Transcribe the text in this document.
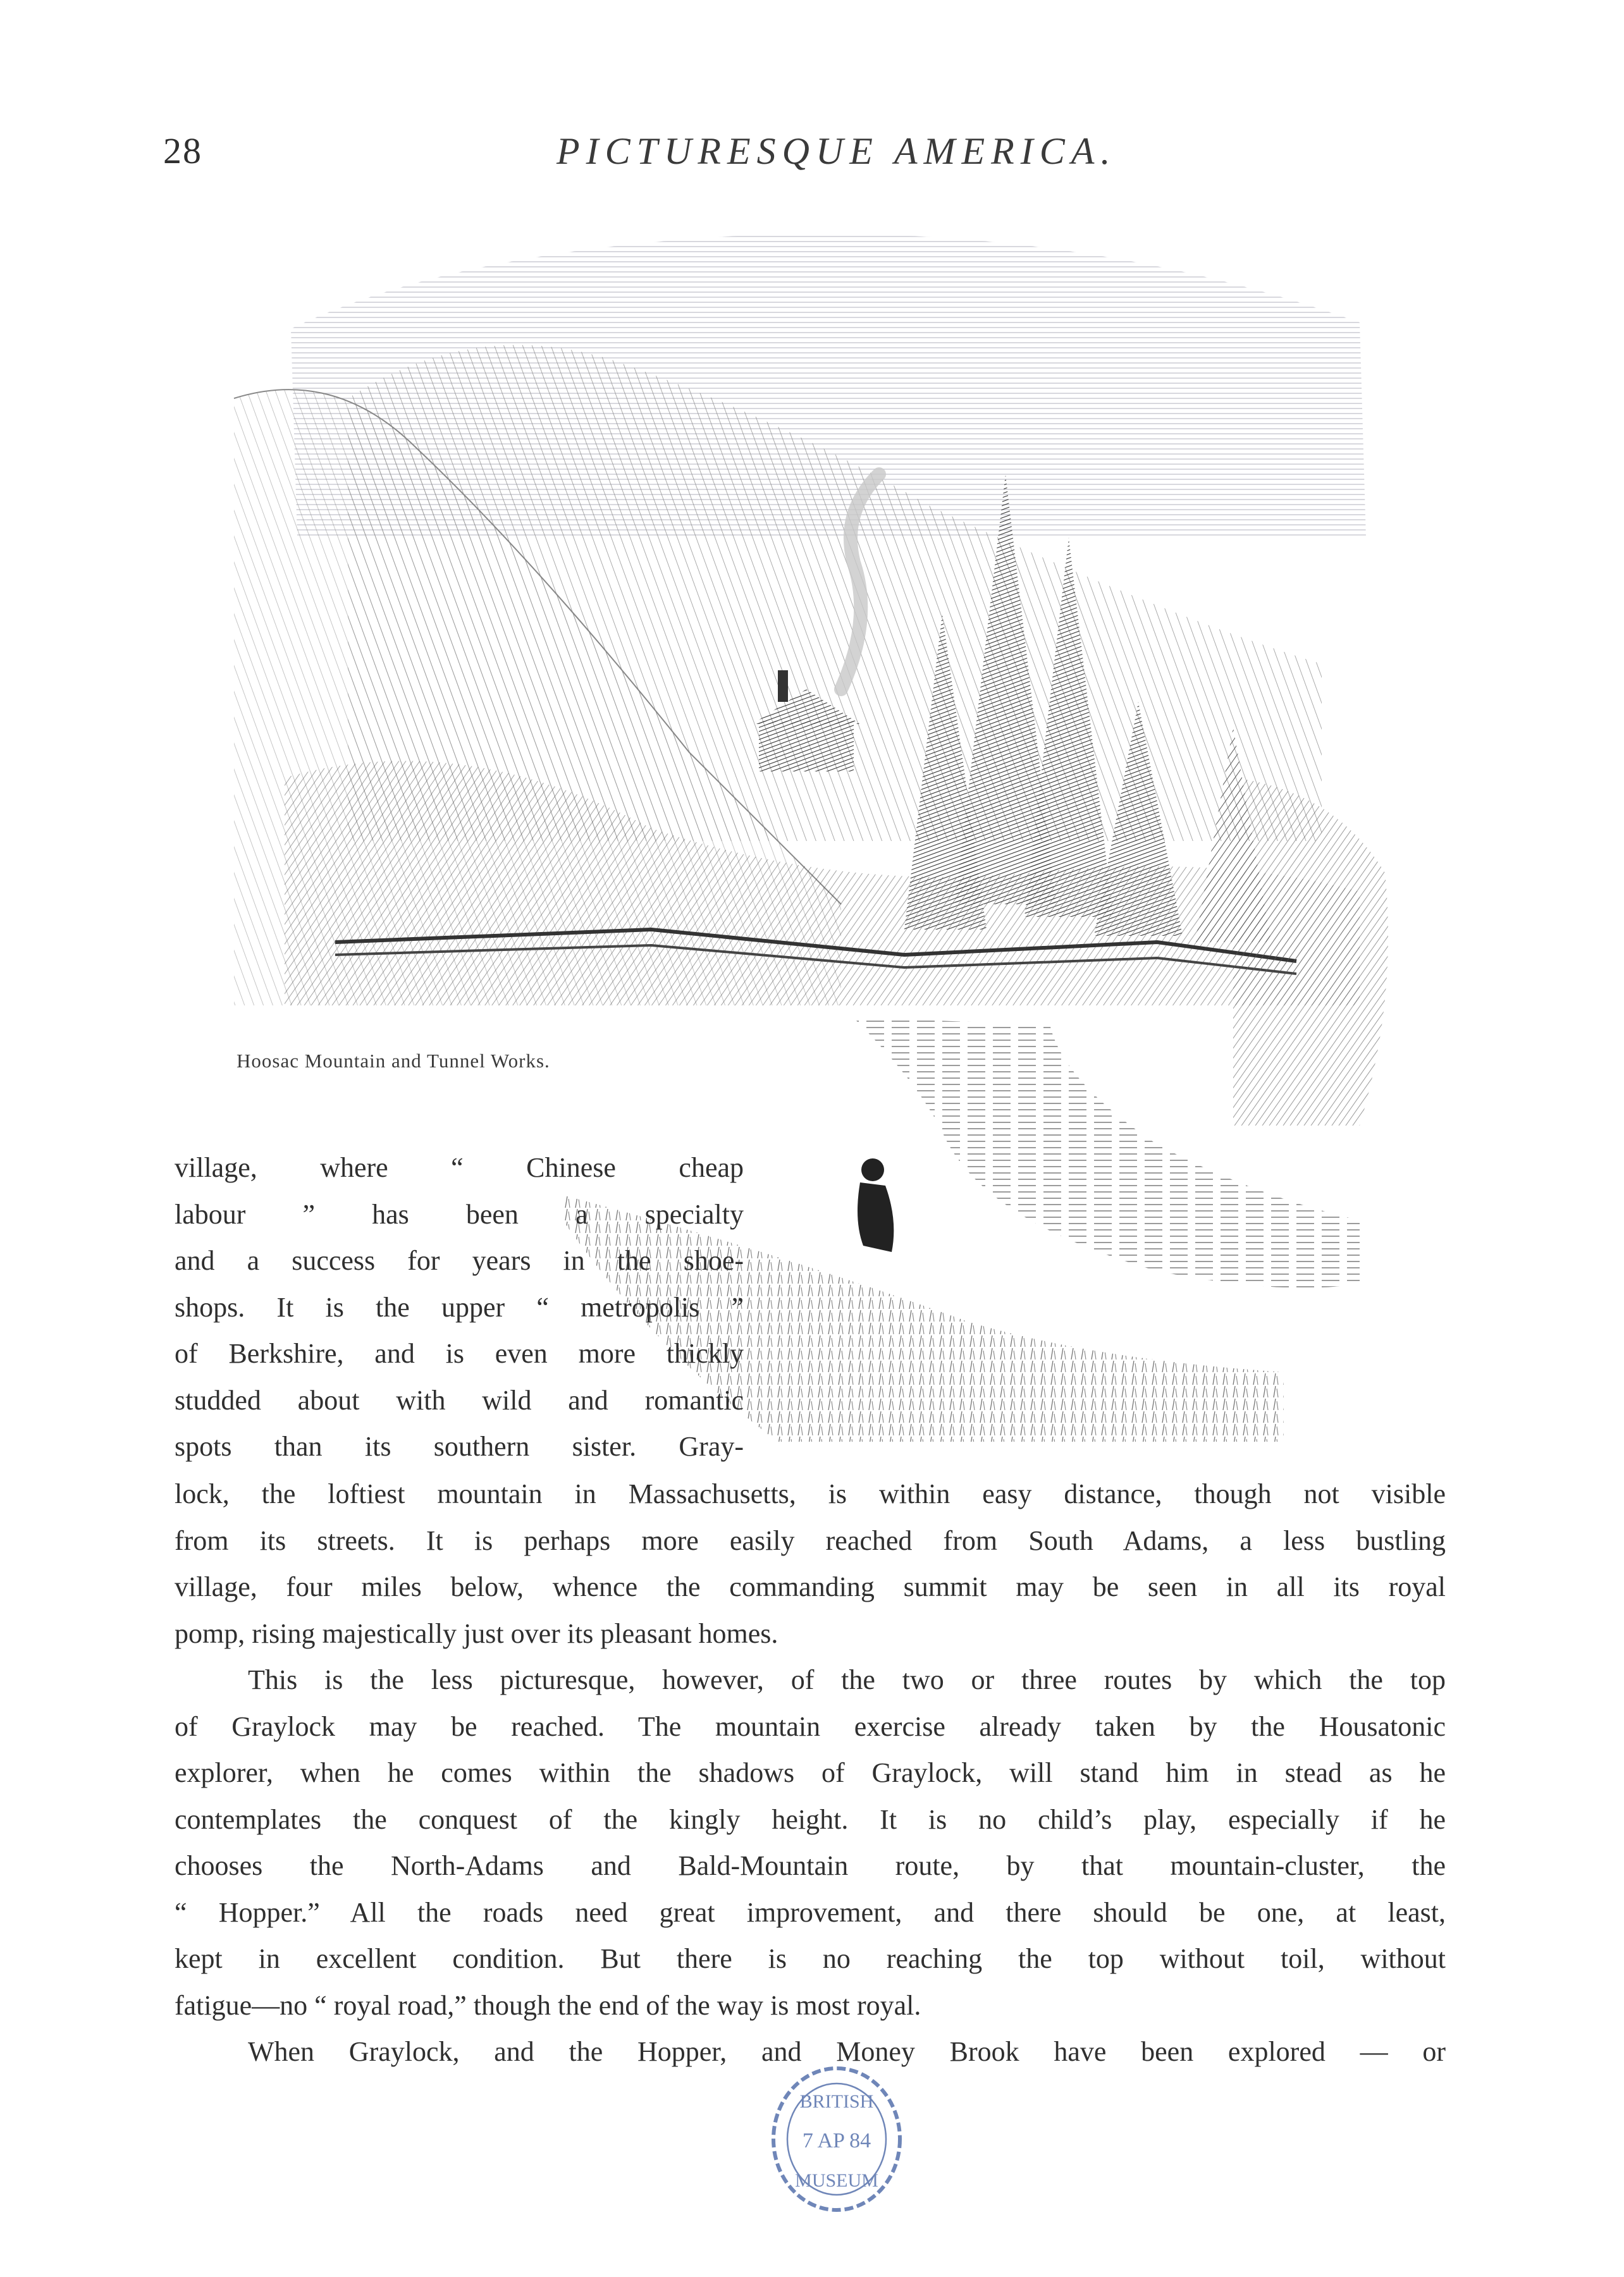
28	PICTURESQUE AMERICA.
Hoosac Mountain and Tunnel Works.
village, where “ Chinese cheap
labour ” has been a specialty
and a success for years in the shoe-
shops. It is the upper “ metropolis ”
of Berkshire, and is even more thickly
studded about with wild and romantic
spots than its southern sister. Gray-
lock, the loftiest mountain in Massachusetts, is within easy distance, though not visible
from its streets. It is perhaps more easily reached from South Adams, a less bustling
village, four miles below, whence the commanding summit may be seen in all its royal
pomp, rising majestically just over its pleasant homes.
This is the less picturesque, however, of the two or three routes by which the top
of Graylock may be reached. The mountain exercise already taken by the Housatonic
explorer, when he comes within the shadows of Graylock, will stand him in stead as he
contemplates the conquest of the kingly height. It is no child’s play, especially if he
chooses the North-Adams and Bald-Mountain route, by that mountain-cluster, the
“ Hopper.” All the roads need great improvement, and there should be one, at least,
kept in excellent condition. But there is no reaching the top without toil, without
fatigue—no “ royal road,” though the end of the way is most royal.
When Graylock, and the Hopper, and Money Brook have been explored — or
BRITISH
7 AP 84
MUSEUM
